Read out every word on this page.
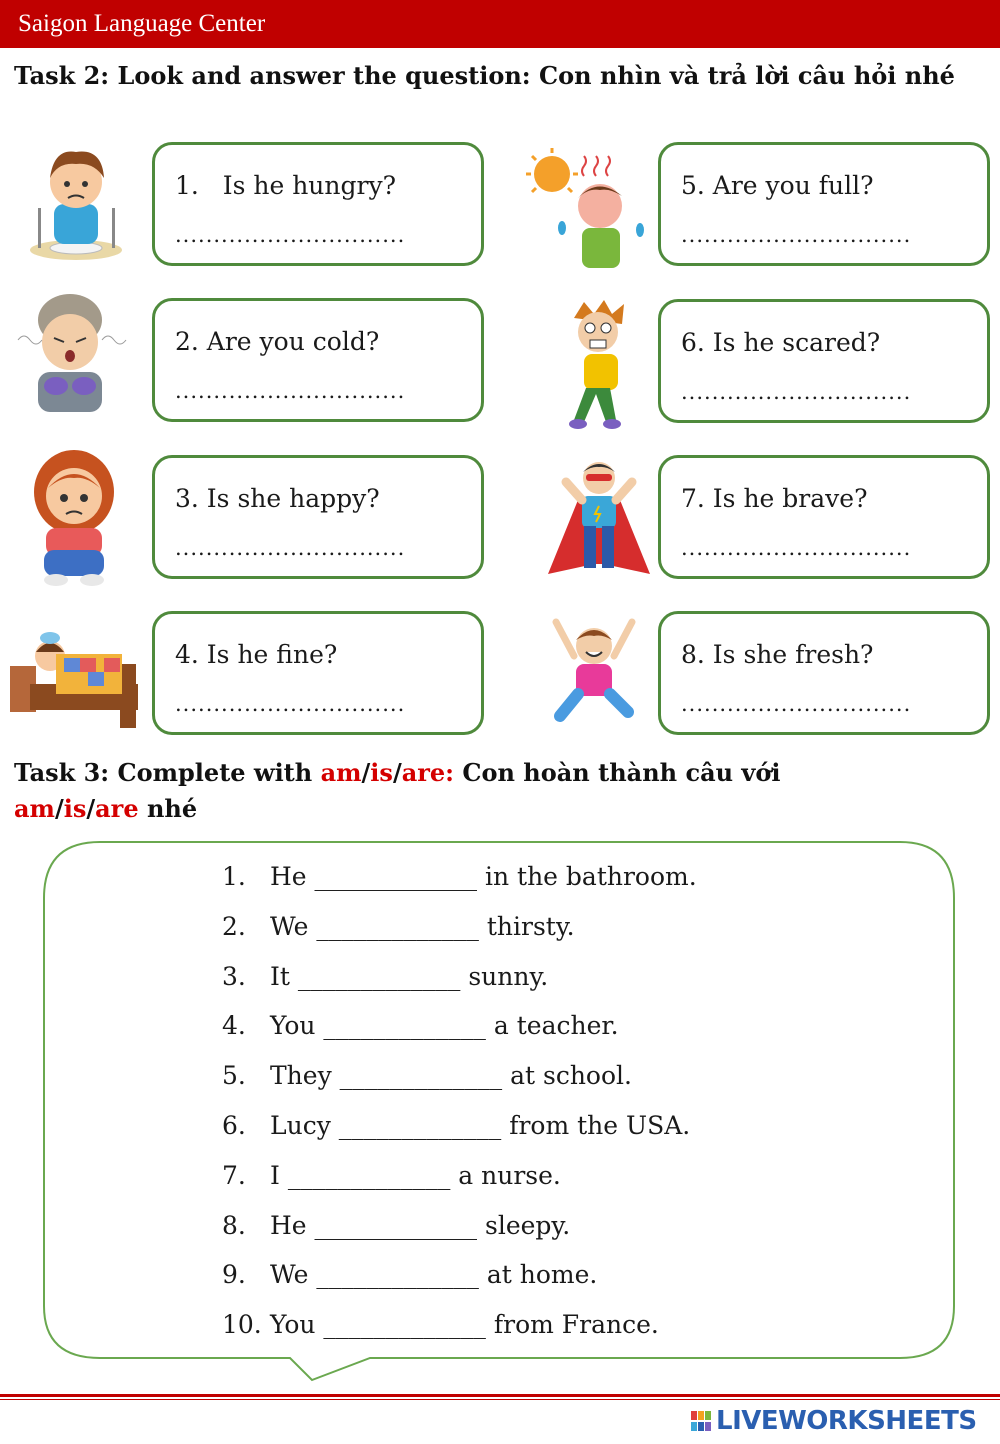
Saigon Language Center
Task 2: Look and answer the question: Con nhìn và trả lời câu hỏi nhé
1.   Is he hungry?
..............................
2. Are you cold?
..............................
3. Is she happy?
..............................
4. Is he fine?
..............................
5. Are you full?
..............................
6. Is he scared?
..............................
7. Is he brave?
..............................
8. Is she fresh?
..............................
Task 3: Complete with am/is/are: Con hoàn thành câu với
am/is/are nhé
1. He _____________ in the bathroom.
2. We _____________ thirsty.
3. It _____________ sunny.
4. You _____________ a teacher.
5. They _____________ at school.
6. Lucy _____________ from the USA.
7. I _____________ a nurse.
8. He _____________ sleepy.
9. We _____________ at home.
10. You _____________ from France.
LIVEWORKSHEETS
